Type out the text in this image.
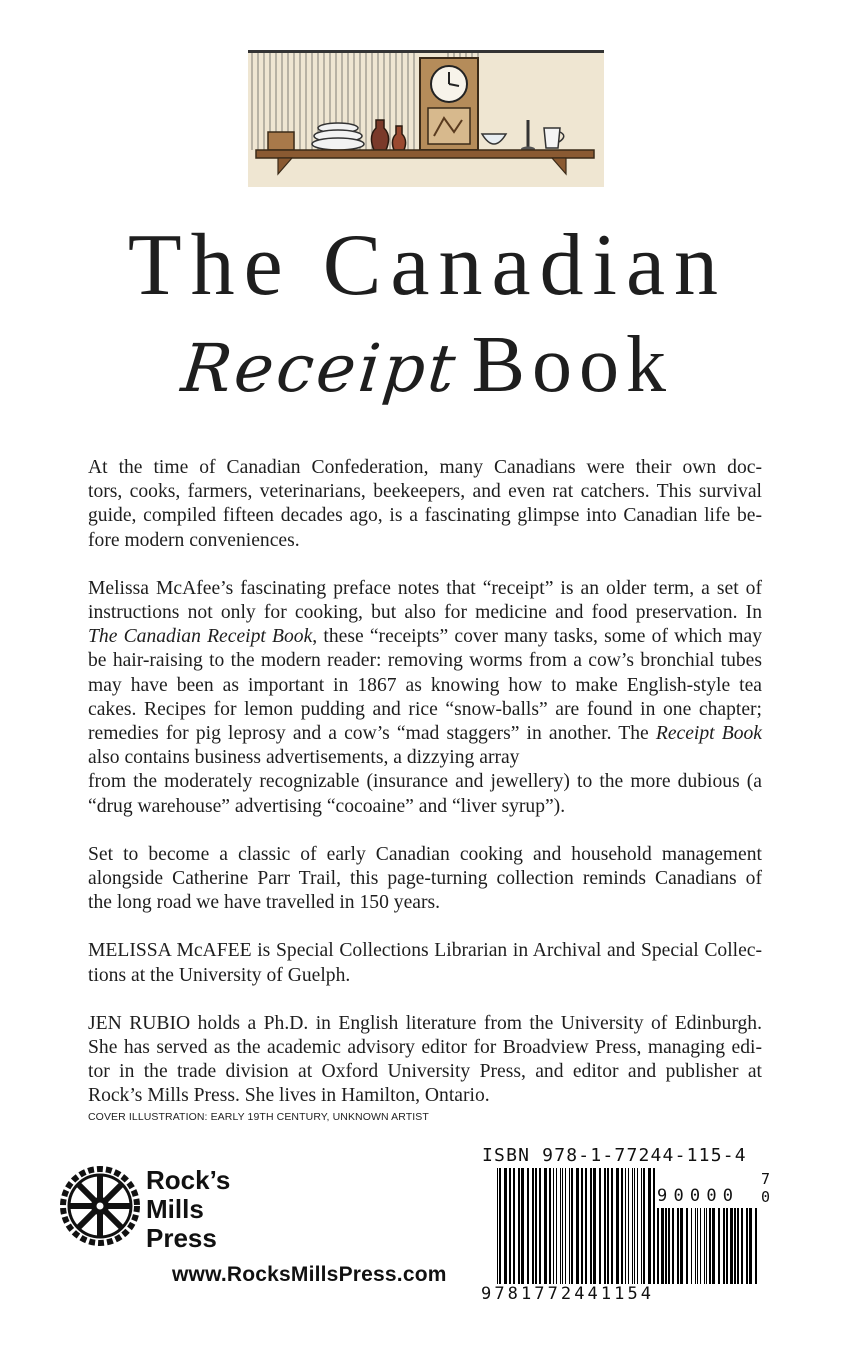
The Canadian
Receipt Book

At the time of Canadian Confederation, many Canadians were their own doc-
tors, cooks, farmers, veterinarians, beekeepers, and even rat catchers. This survival
guide, compiled fifteen decades ago, is a fascinating glimpse into Canadian life be-
fore modern conveniences.

Melissa McAfee’s fascinating preface notes that “receipt” is an older term, a set of
instructions not only for cooking, but also for medicine and food preservation. In
The Canadian Receipt Book, these “receipts” cover many tasks, some of which may
be hair-raising to the modern reader: removing worms from a cow’s bronchial tubes
may have been as important in 1867 as knowing how to make English-style tea
cakes. Recipes for lemon pudding and rice “snow-balls” are found in one chapter;
remedies for pig leprosy and a cow’s “mad staggers” in another. The Receipt Book
also contains business advertisements, a dizzying array
from the moderately recognizable (insurance and jewellery) to the more dubious (a
“drug warehouse” advertising “cocoaine” and “liver syrup”).

Set to become a classic of early Canadian cooking and household management
alongside Catherine Parr Trail, this page-turning collection reminds Canadians of
the long road we have travelled in 150 years.

MELISSA McAFEE is Special Collections Librarian in Archival and Special Collec-
tions at the University of Guelph.

JEN RUBIO holds a Ph.D. in English literature from the University of Edinburgh.
She has served as the academic advisory editor for Broadview Press, managing edi-
tor in the trade division at Oxford University Press, and editor and publisher at
Rock’s Mills Press. She lives in Hamilton, Ontario.

COVER ILLUSTRATION: EARLY 19TH CENTURY, UNKNOWN ARTIST
Rock’s
Mills
Press
www.RocksMillsPress.com
ISBN 978-1-77244-115-4
9781772441154
90000
7
0
